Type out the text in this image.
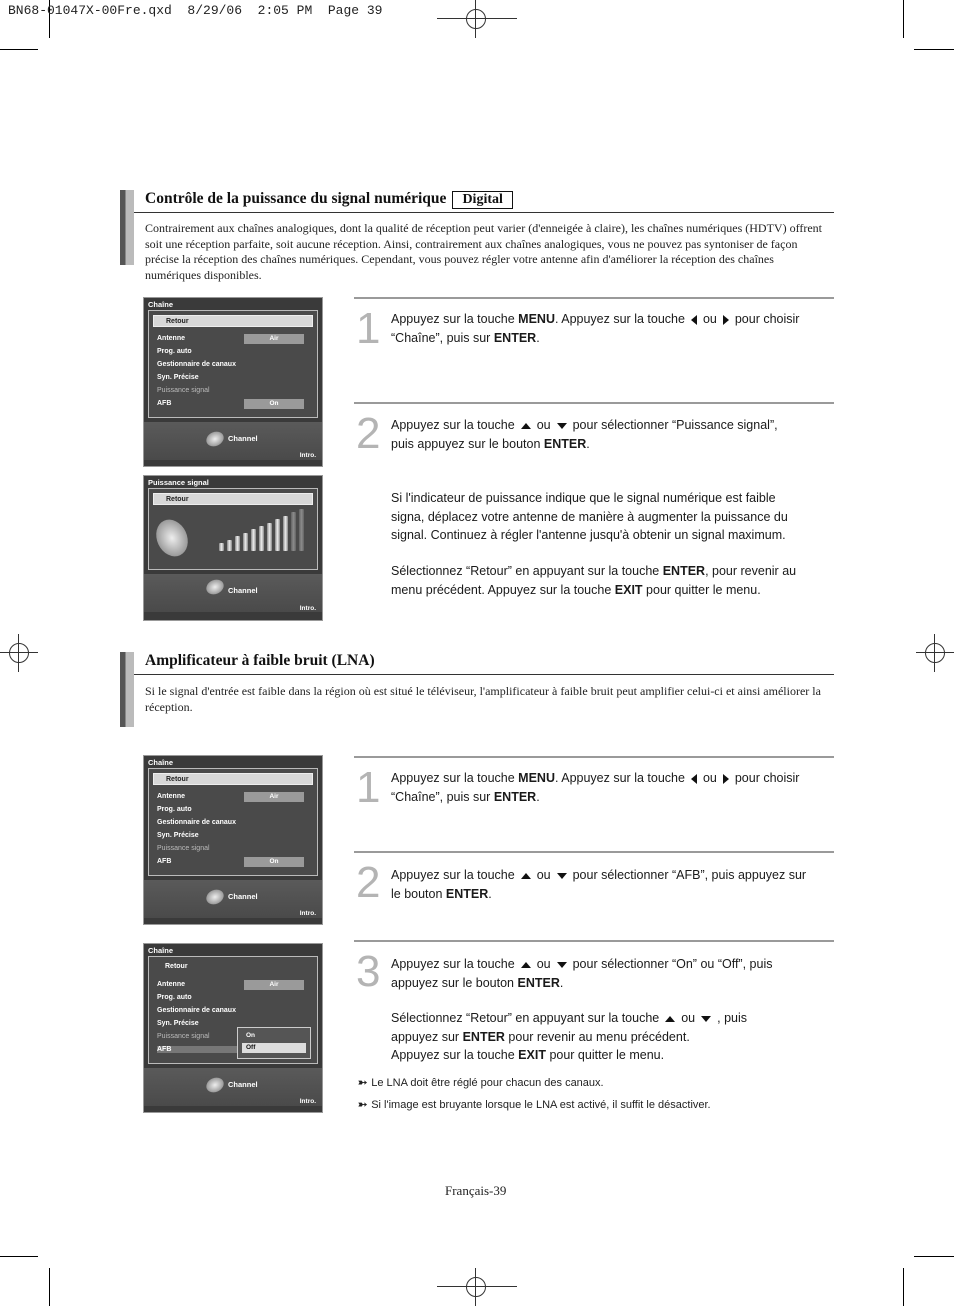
BN68-01047X-00Fre.qxd  8/29/06  2:05 PM  Page 39
Contrôle de la puissance du signal numérique Digital
Contrairement aux chaînes analogiques, dont la qualité de réception peut varier (d'enneigée à claire), les chaînes numériques (HDTV) offrent soit une réception parfaite, soit aucune réception. Ainsi, contrairement aux chaînes analogiques, vous ne pouvez pas syntoniser de façon précise la réception des chaînes numériques. Cependant, vous pouvez régler votre antenne afin d'améliorer la réception des chaînes numériques disponibles.
Chaîne
Retour
Antenne	Air
Prog. auto
Gestionnaire de canaux
Syn. Précise
Puissance signal
AFB	On
Channel
Intro.
Puissance signal
Retour
Channel
Intro.
1 Appuyez sur la touche MENU. Appuyez sur la touche ou pour choisir
“Chaîne”, puis sur ENTER.
2 Appuyez sur la touche ou pour sélectionner “Puissance signal”,
puis appuyez sur le bouton ENTER.
Si l'indicateur de puissance indique que le signal numérique est faible signa, déplacez votre antenne de manière à augmenter la puissance du signal. Continuez à régler l'antenne jusqu'à obtenir un signal maximum.
Sélectionnez “Retour” en appuyant sur la touche ENTER, pour revenir au menu précédent. Appuyez sur la touche EXIT pour quitter le menu.
Amplificateur à faible bruit (LNA)
Si le signal d'entrée est faible dans la région où est situé le téléviseur, l'amplificateur à faible bruit peut amplifier celui-ci et ainsi améliorer la réception.
Chaîne
Retour
Antenne	Air
Prog. auto
Gestionnaire de canaux
Syn. Précise
Puissance signal
AFB	On
Channel
Intro.
Chaîne
Retour
Antenne	Air
Prog. auto
Gestionnaire de canaux
Syn. Précise
Puissance signal
AFB
On
Off
Channel
Intro.
1 Appuyez sur la touche MENU. Appuyez sur la touche ou pour choisir
“Chaîne”, puis sur ENTER.
2 Appuyez sur la touche ou pour sélectionner “AFB”, puis appuyez sur
le bouton ENTER.
3 Appuyez sur la touche ou pour sélectionner “On” ou “Off”, puis
appuyez sur le bouton ENTER.
Sélectionnez “Retour” en appuyant sur la touche ou , puis
appuyez sur ENTER pour revenir au menu précédent.
Appuyez sur la touche EXIT pour quitter le menu.
➳ Le LNA doit être réglé pour chacun des canaux.
➳ Si l'image est bruyante lorsque le LNA est activé, il suffit le désactiver.
Français-39
